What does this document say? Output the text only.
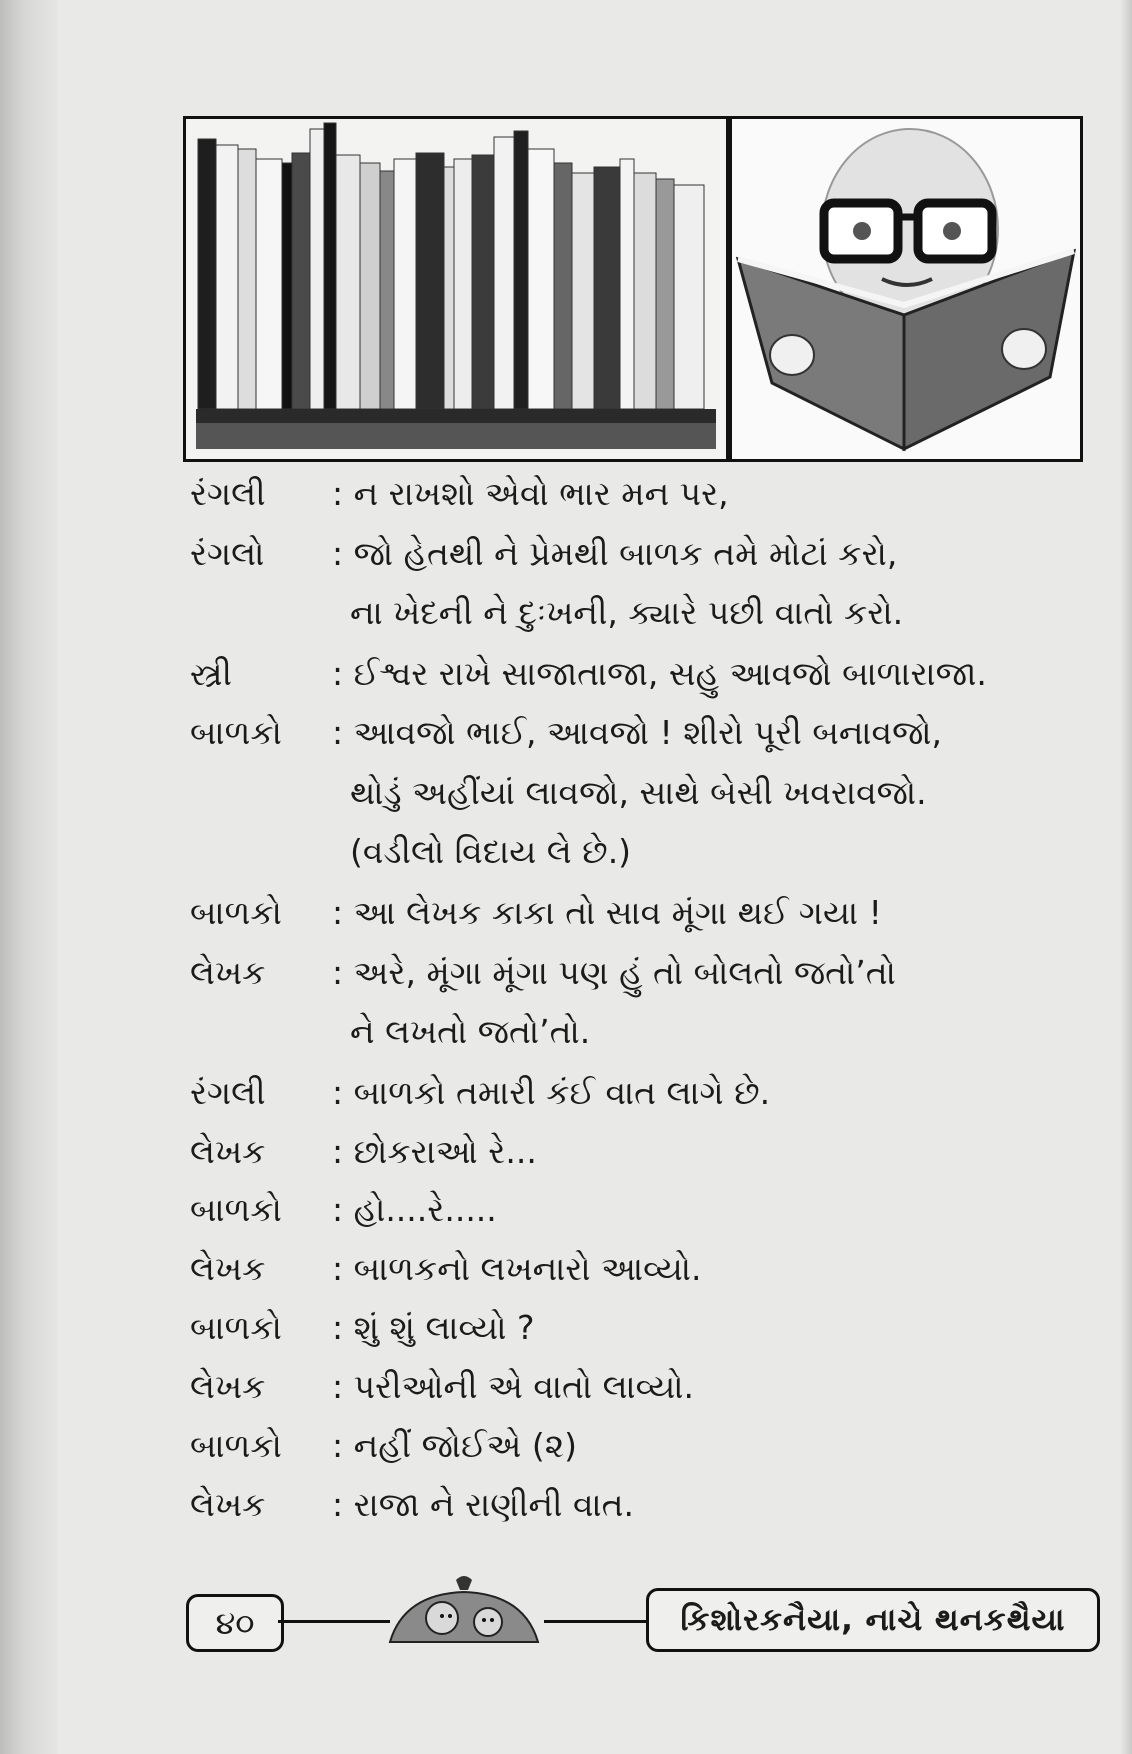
રંગલી : ન રાખશો એવો ભાર મન પર,
રંગલો : જો હેતથી ને પ્રેમથી બાળક તમે મોટાં કરો,
ના ખેદની ને દુઃખની, ક્યારે પછી વાતો કરો.
સ્ત્રી	: ઈશ્વર રાખે સાજાતાજા, સહુ આવજો બાળારાજા.
બાળકો : આવજો ભાઈ, આવજો ! શીરો પૂરી બનાવજો,
થોડું અહીંયાં લાવજો, સાથે બેસી ખવરાવજો.
(વડીલો વિદાય લે છે.)
બાળકો : આ લેખક કાકા તો સાવ મૂંગા થઈ ગયા !
લેખક : અરે, મૂંગા મૂંગા પણ હું તો બોલતો જતો’તો
ને લખતો જતો’તો.
રંગલી : બાળકો તમારી કંઈ વાત લાગે છે.
લેખક : છોકરાઓ રે...
બાળકો : હો....રે.....
લેખક : બાળકનો લખનારો આવ્યો.
બાળકો : શું શું લાવ્યો ?
લેખક : પરીઓની એ વાતો લાવ્યો.
બાળકો : નહીં જોઈએ (૨)
લેખક : રાજા ને રાણીની વાત.
૪૦	કિશોરકનૈયા, નાચે થનકથૈયા
